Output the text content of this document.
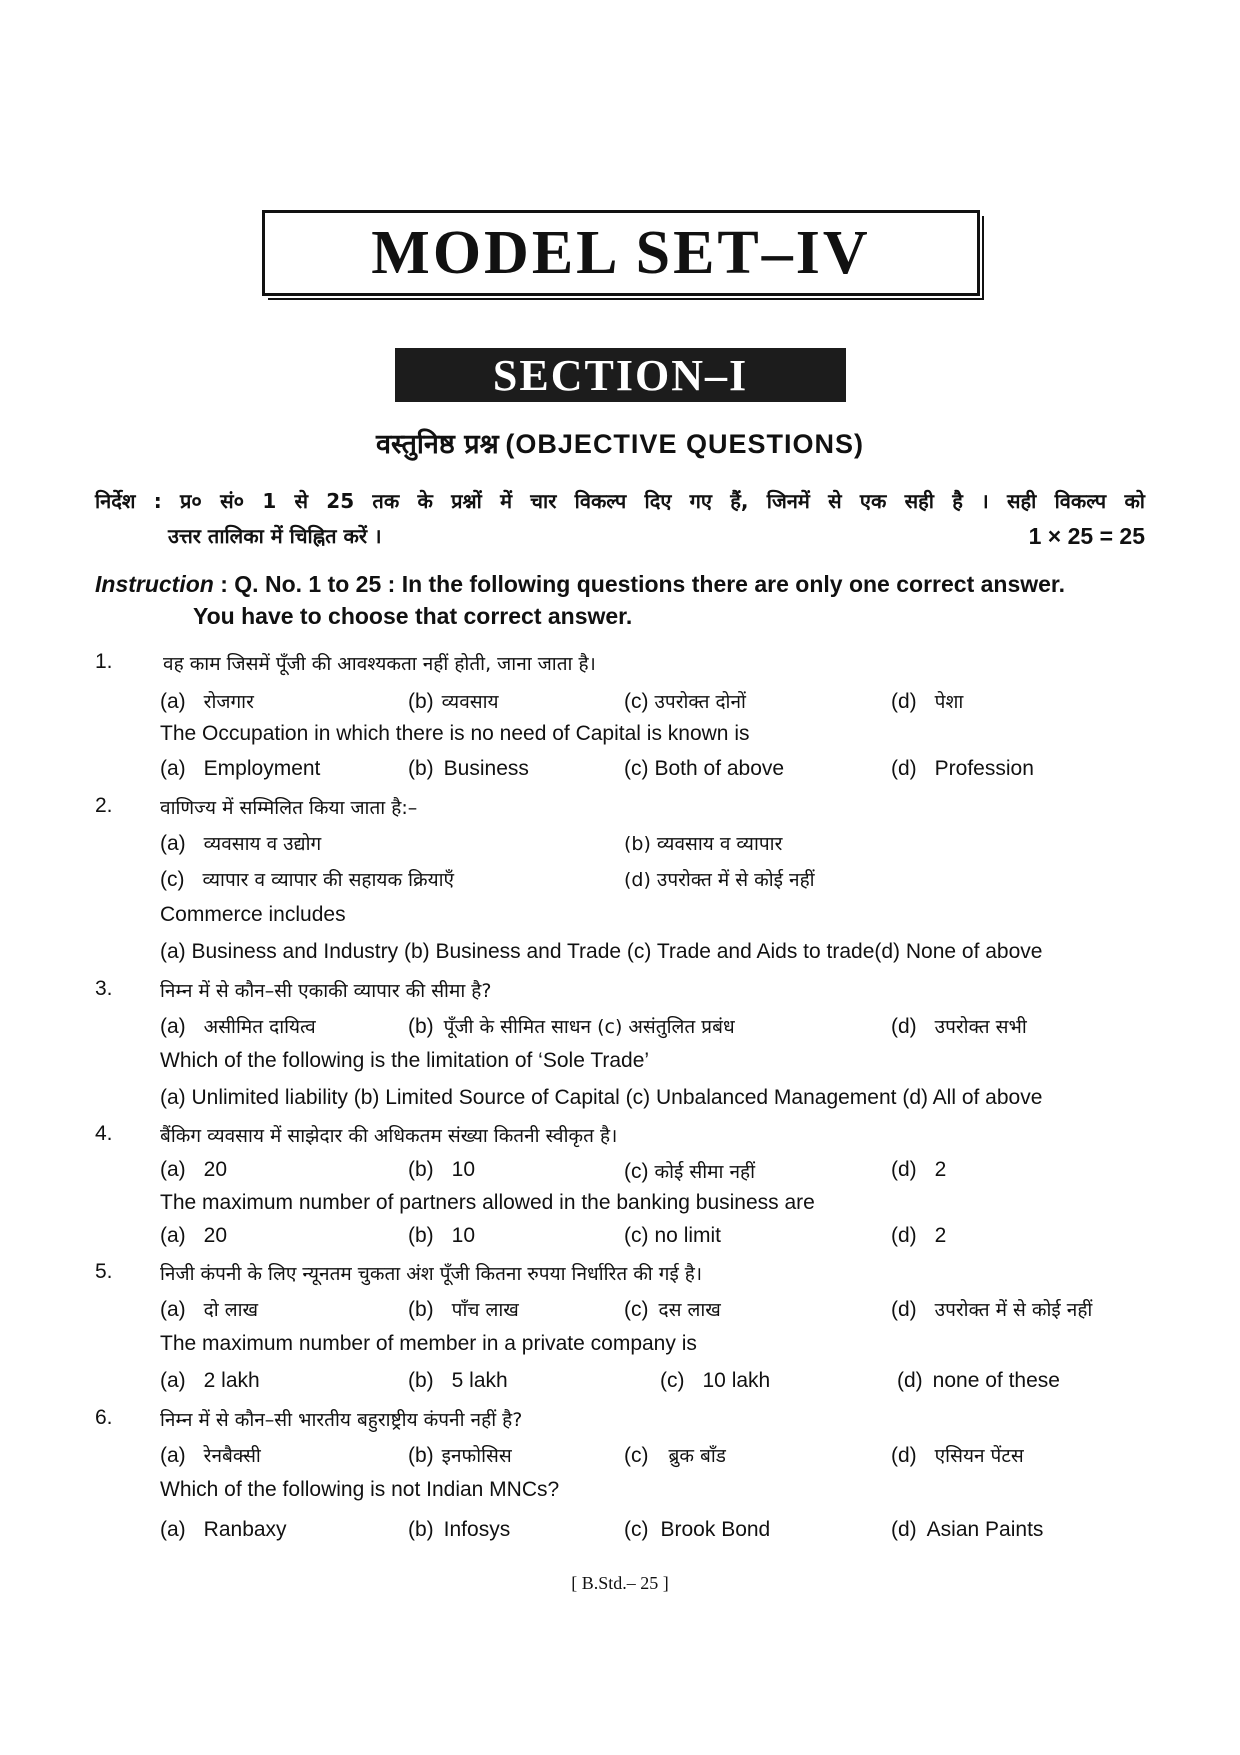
MODEL SET–IV
SECTION–I
वस्तुनिष्ठ प्रश्न (OBJECTIVE QUESTIONS)
निर्देश : प्र० सं० 1 से 25 तक के प्रश्नों में चार विकल्प दिए गए हैं, जिनमें से एक सही है । सही विकल्प को
उत्तर तालिका में चिह्नित करें ।	1 × 25 = 25
Instruction : Q. No. 1 to 25 : In the following questions there are only one correct answer.
You have to choose that correct answer.
1.	वह काम जिसमें पूँजी की आवश्यकता नहीं होती, जाना जाता है।
(a) रोजगार	(b) व्यवसाय	(c) उपरोक्त दोनों	(d) पेशा
The Occupation in which there is no need of Capital is known is
(a) Employment	(b) Business	(c) Both of above	(d) Profession
2. वाणिज्य में सम्मिलित किया जाता है:–
(a) व्यवसाय व उद्योग	(b) व्यवसाय व व्यापार
(c) व्यापार व व्यापार की सहायक क्रियाएँ	(d) उपरोक्त में से कोई नहीं
Commerce includes
(a) Business and Industry (b) Business and Trade (c) Trade and Aids to trade(d) None of above
3. निम्न में से कौन–सी एकाकी व्यापार की सीमा है?
(a) असीमित दायित्व	(b) पूँजी के सीमित साधन (c) असंतुलित प्रबंध	(d) उपरोक्त सभी
Which of the following is the limitation of ‘Sole Trade’
(a) Unlimited liability (b) Limited Source of Capital (c) Unbalanced Management (d) All of above
4. बैंकिग व्यवसाय में साझेदार की अधिकतम संख्या कितनी स्वीकृत है।
(a) 20	(b) 10	(c) कोई सीमा नहीं	(d) 2
The maximum number of partners allowed in the banking business are
(a) 20	(b) 10	(c) no limit	(d) 2
5. निजी कंपनी के लिए न्यूनतम चुकता अंश पूँजी कितना रुपया निर्धारित की गई है।
(a) दो लाख	(b) पाँच लाख	(c) दस लाख	(d) उपरोक्त में से कोई नहीं
The maximum number of member in a private company is
(a) 2 lakh	(b) 5 lakh	(c) 10 lakh	(d) none of these
6. निम्न में से कौन–सी भारतीय बहुराष्ट्रीय कंपनी नहीं है?
(a) रेनबैक्सी	(b) इनफोसिस	(c) ब्रुक बॉंड	(d) एसियन पेंटस
Which of the following is not Indian MNCs?
(a) Ranbaxy	(b) Infosys	(c) Brook Bond	(d) Asian Paints
[ B.Std.– 25 ]
